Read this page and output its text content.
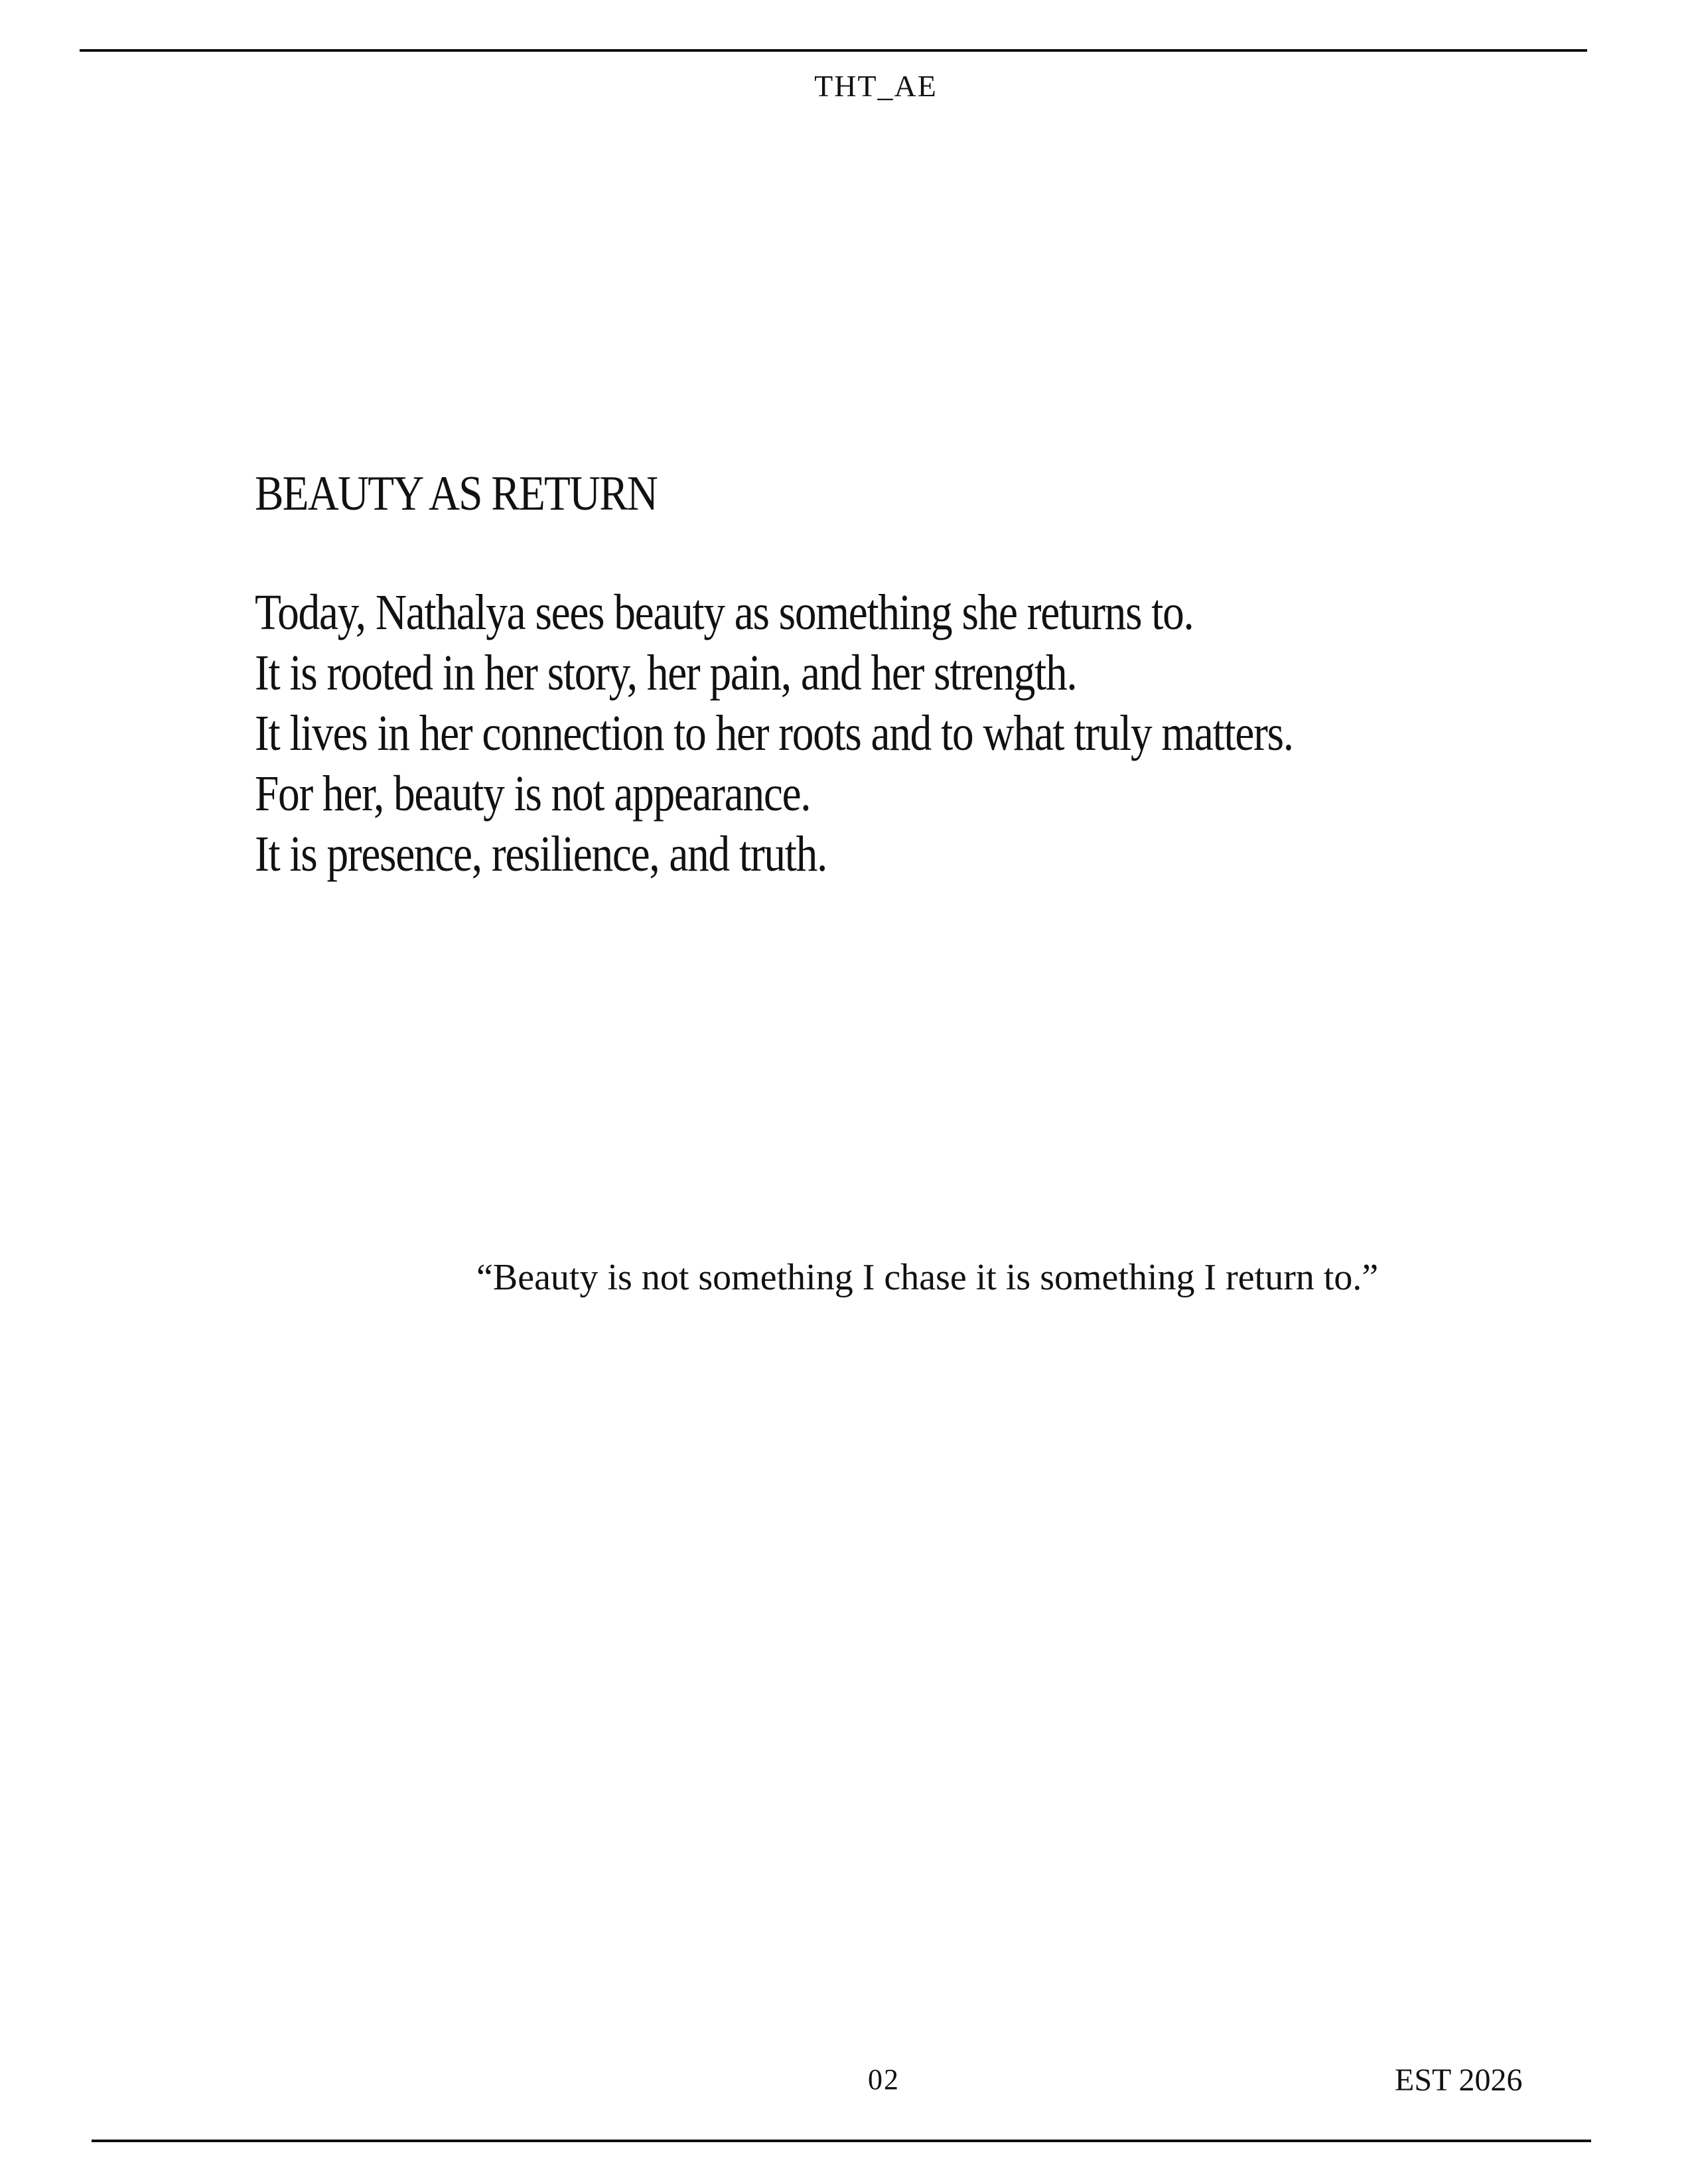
THT_AE
BEAUTY AS RETURN

Today, Nathalya sees beauty as something she returns to.
It is rooted in her story, her pain, and her strength.
It lives in her connection to her roots and to what truly matters.
For her, beauty is not appearance.
It is presence, resilience, and truth.

“Beauty is not something I chase it is something I return to.”

02	EST 2026
